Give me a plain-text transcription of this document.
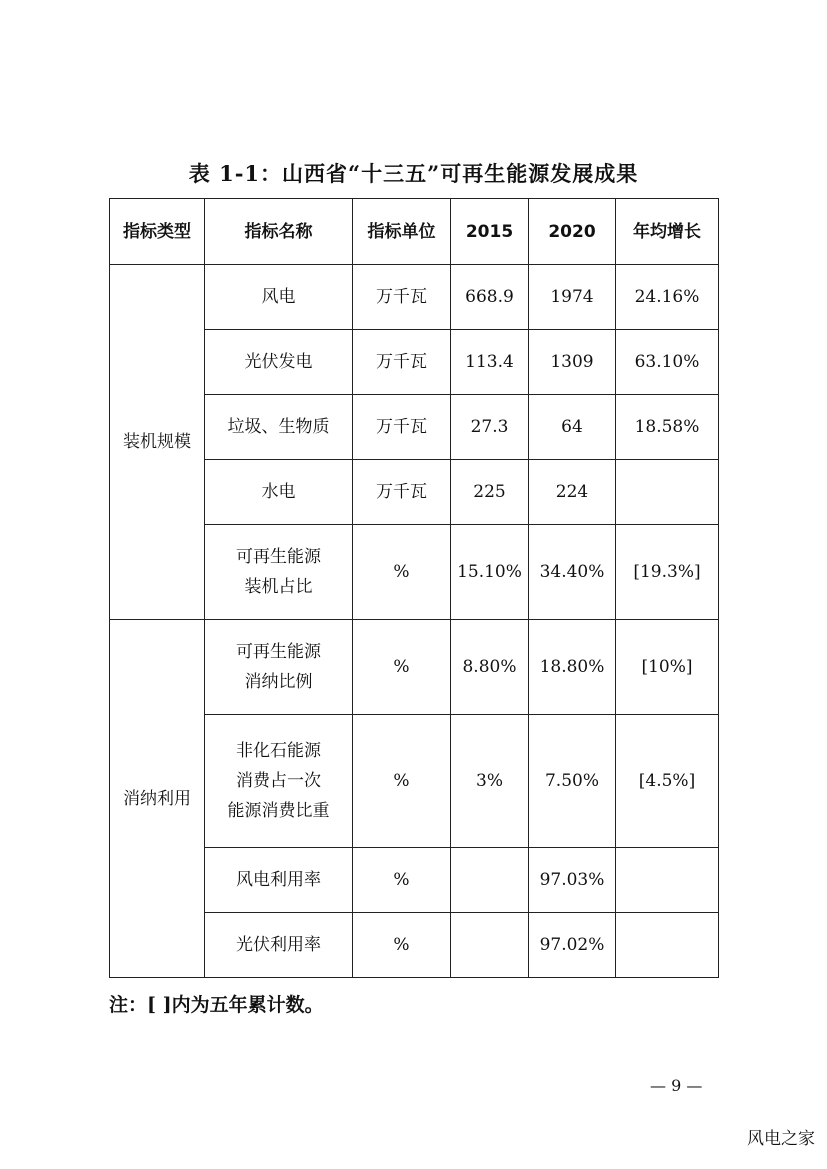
表 1-1：山西省“十三五”可再生能源发展成果
指标类型	指标名称	指标单位	2015	2020	年均增长
装机规模	风电	万千瓦	668.9	1974	24.16%

	光伏发电	万千瓦	113.4	1309	63.10%

	垃圾、生物质	万千瓦	27.3	64	18.58%

	水电	万千瓦	225	224	

	可再生能源
装机占比	%	15.10%	34.40%	[19.3%]
消纳利用	可再生能源
消纳比例	%	8.80%	18.80%	[10%]

	非化石能源
消费占一次
能源消费比重	%	3%	7.50%	[4.5%]

	风电利用率	%		97.03%	

	光伏利用率	%		97.02%	
注：[ ]内为五年累计数。
— 9 —
风电之家
